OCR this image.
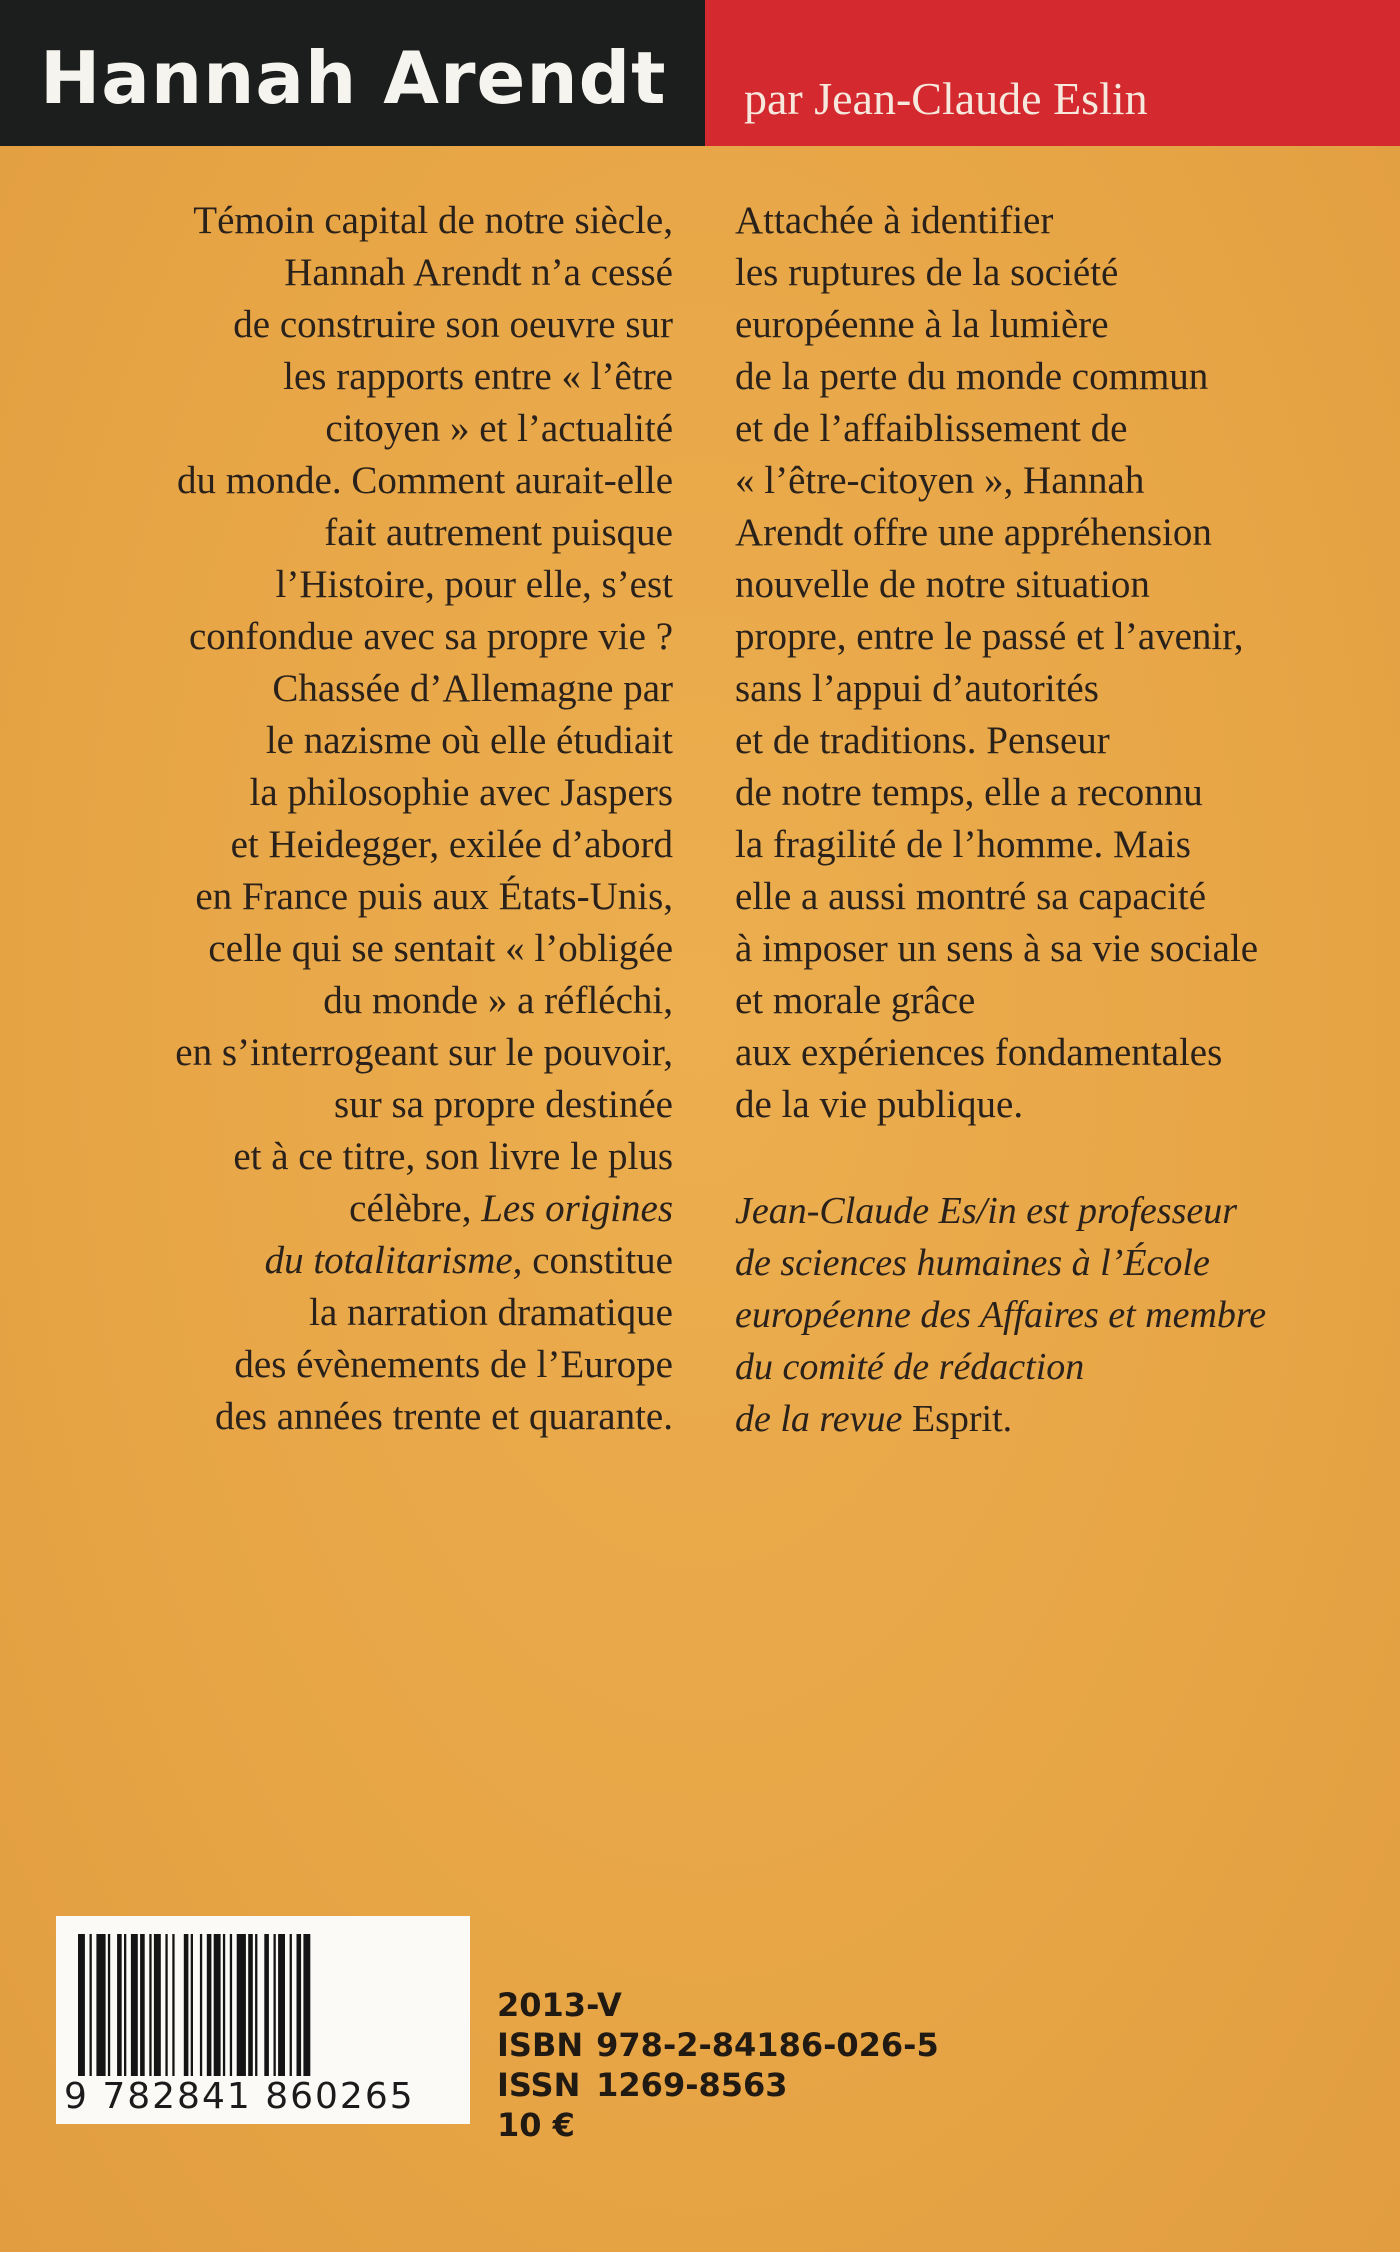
Hannah Arendt par Jean-Claude Eslin
Témoin capital de notre siècle,
Hannah Arendt n’a cessé
de construire son oeuvre sur
les rapports entre « l’être
citoyen » et l’actualité
du monde. Comment aurait-elle
fait autrement puisque
l’Histoire, pour elle, s’est
confondue avec sa propre vie ?
Chassée d’Allemagne par
le nazisme où elle étudiait
la philosophie avec Jaspers
et Heidegger, exilée d’abord
en France puis aux États-Unis,
celle qui se sentait « l’obligée
du monde » a réfléchi,
en s’interrogeant sur le pouvoir,
sur sa propre destinée
et à ce titre, son livre le plus
célèbre, Les origines
du totalitarisme, constitue
la narration dramatique
des évènements de l’Europe
des années trente et quarante.
Attachée à identifier
les ruptures de la société
européenne à la lumière
de la perte du monde commun
et de l’affaiblissement de
« l’être-citoyen », Hannah
Arendt offre une appréhension
nouvelle de notre situation
propre, entre le passé et l’avenir,
sans l’appui d’autorités
et de traditions. Penseur
de notre temps, elle a reconnu
la fragilité de l’homme. Mais
elle a aussi montré sa capacité
à imposer un sens à sa vie sociale
et morale grâce
aux expériences fondamentales
de la vie publique.
Jean-Claude Es/in est professeur
de sciences humaines à l’École
européenne des Affaires et membre
du comité de rédaction
de la revue Esprit.
9 782841 860265
2013-V
ISBN 978-2-84186-026-5
ISSN 1269-8563
10 €
